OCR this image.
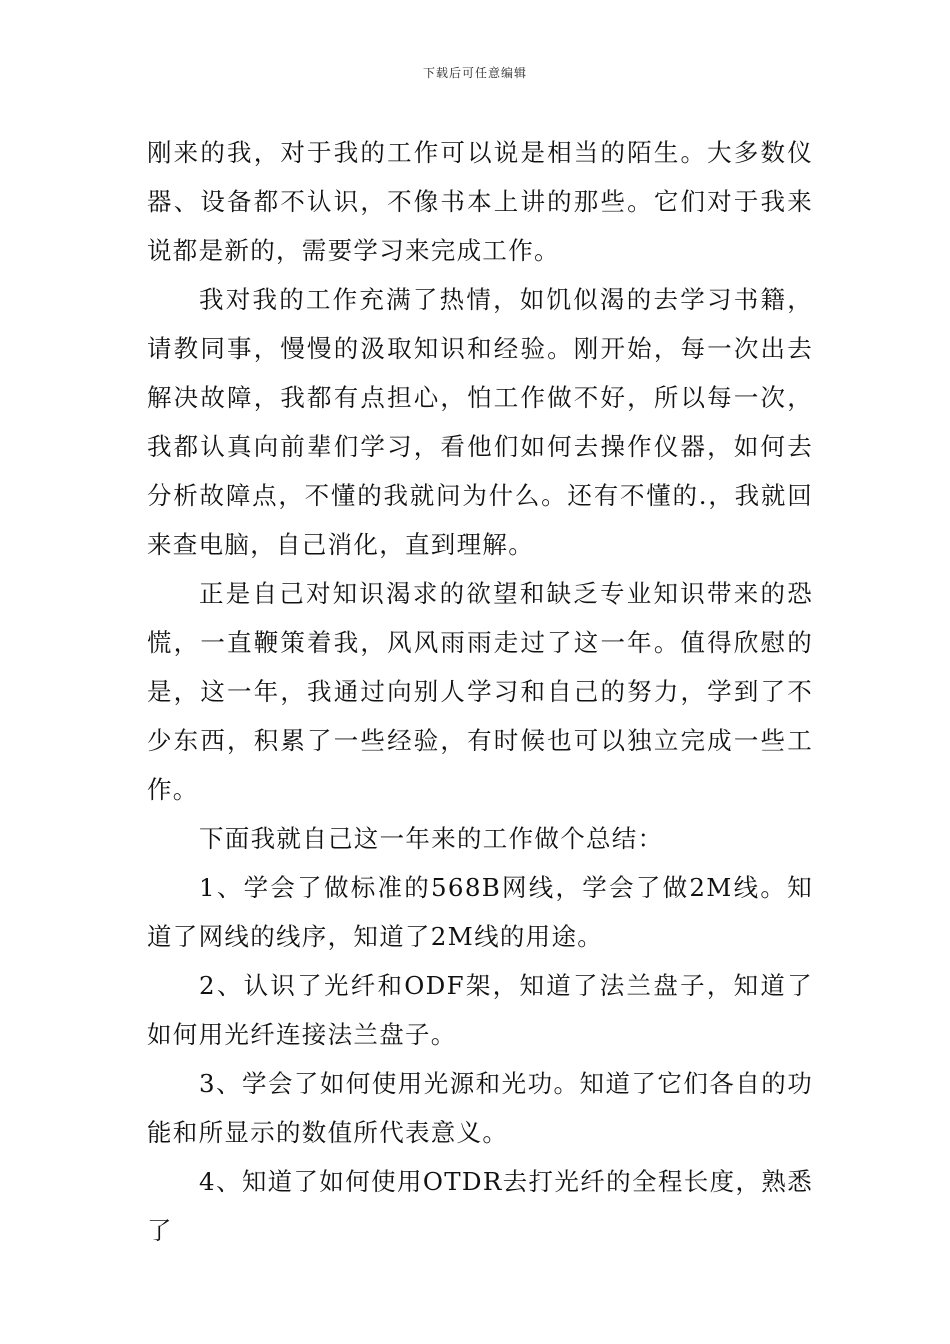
下载后可任意编辑

刚来的我，对于我的工作可以说是相当的陌生。大多数仪器、设备都不认识，不像书本上讲的那些。它们对于我来说都是新的，需要学习来完成工作。

我对我的工作充满了热情，如饥似渴的去学习书籍，请教同事，慢慢的汲取知识和经验。刚开始，每一次出去解决故障，我都有点担心，怕工作做不好，所以每一次，我都认真向前辈们学习，看他们如何去操作仪器，如何去分析故障点，不懂的我就问为什么。还有不懂的.，我就回来查电脑，自己消化，直到理解。

正是自己对知识渴求的欲望和缺乏专业知识带来的恐慌，一直鞭策着我，风风雨雨走过了这一年。值得欣慰的是，这一年，我通过向别人学习和自己的努力，学到了不少东西，积累了一些经验，有时候也可以独立完成一些工作。

下面我就自己这一年来的工作做个总结：

1、学会了做标准的568B网线，学会了做2M线。知道了网线的线序，知道了2M线的用途。

2、认识了光纤和ODF架，知道了法兰盘子，知道了如何用光纤连接法兰盘子。

3、学会了如何使用光源和光功。知道了它们各自的功能和所显示的数值所代表意义。

4、知道了如何使用OTDR去打光纤的全程长度，熟悉了
